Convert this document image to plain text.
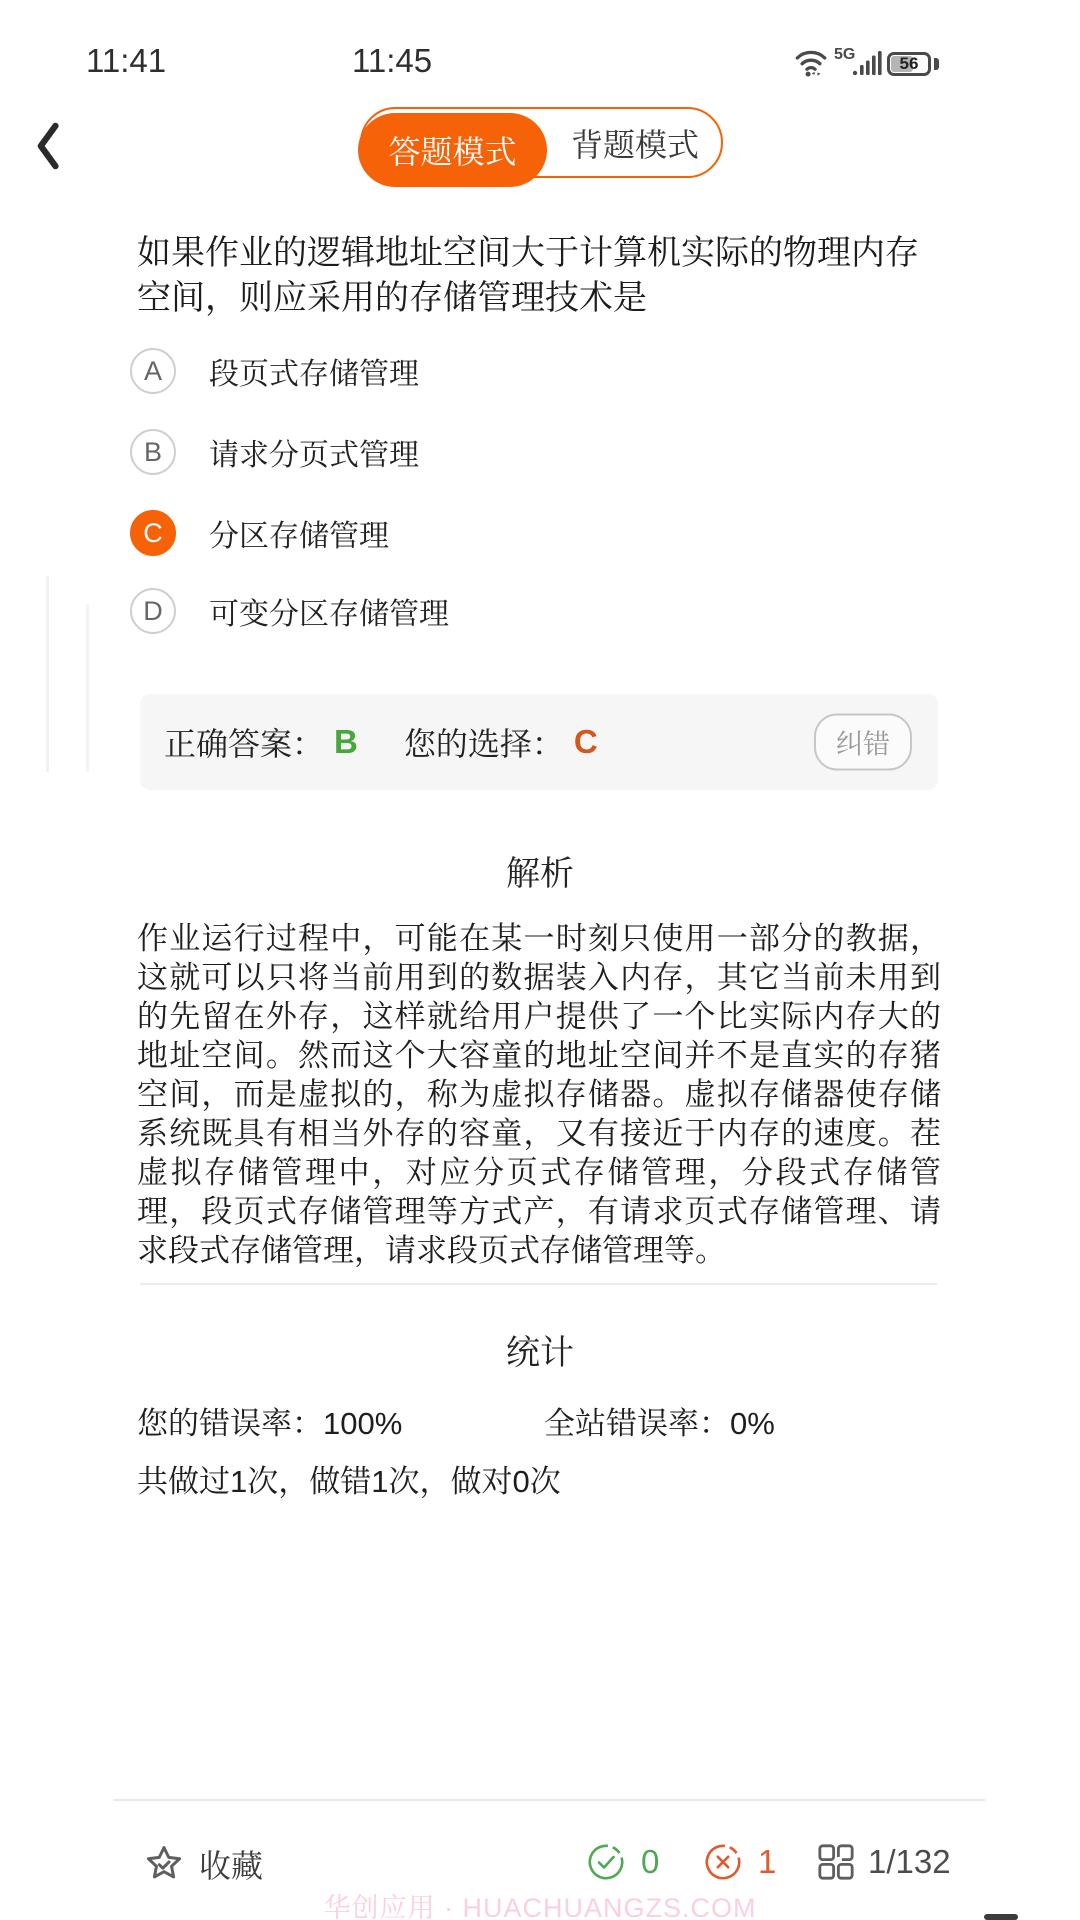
11:41	11:45	5G	56
答题模式 背题模式
如果作业的逻辑地址空间大于计算机实际的物理内存空间，则应采用的存储管理技术是
A	段页式存储管理
B	请求分页式管理
C	分区存储管理
D	可变分区存储管理
正确答案： B 您的选择： C	纠错
解析
作业运行过程中，可能在某一时刻只使用一部分的教据，这就可以只将当前用到的数据装入内存，其它当前未用到的先留在外存，这样就给用户提供了一个比实际内存大的地址空间。然而这个大容童的地址空间并不是直实的存猪空间，而是虚拟的，称为虚拟存储器。虚拟存储器使存储系统既具有相当外存的容童，又有接近于内存的速度。茬虚拟存储管理中，对应分页式存储管理，分段式存储管理，段页式存储管理等方式产，有请求页式存储管理、请求段式存储管理，请求段页式存储管理等。
统计
您的错误率：100%	全站错误率：0%
共做过1次，做错1次，做对0次
收藏	0	1	1/132
华创应用 · HUACHUANGZS.COM
